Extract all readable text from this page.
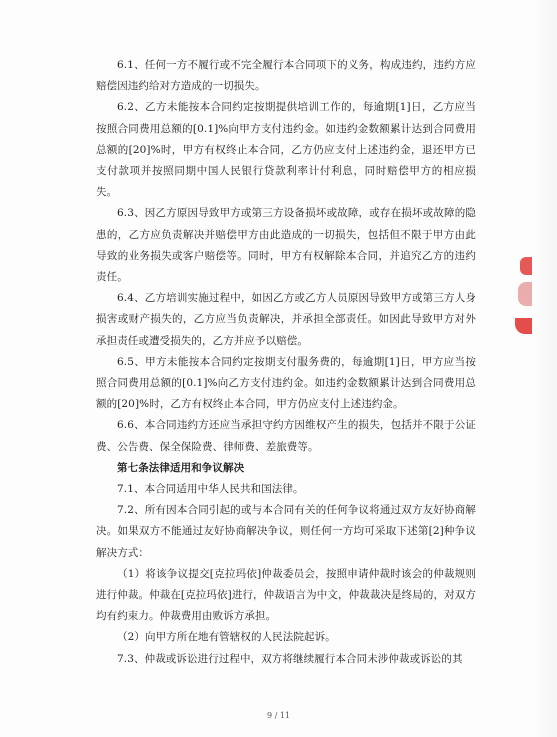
6.1、任何一方不履行或不完全履行本合同项下的义务，构成违约，违约方应赔偿因违约给对方造成的一切损失。

6.2、乙方未能按本合同约定按期提供培训工作的，每逾期[1]日，乙方应当按照合同费用总额的[0.1]%向甲方支付违约金。如违约金数额累计达到合同费用总额的[20]%时，甲方有权终止本合同，乙方仍应支付上述违约金，退还甲方已支付款项并按照同期中国人民银行贷款利率计付利息，同时赔偿甲方的相应损失。

6.3、因乙方原因导致甲方或第三方设备损坏或故障，或存在损坏或故障的隐患的，乙方应负责解决并赔偿甲方由此造成的一切损失，包括但不限于甲方由此导致的业务损失或客户赔偿等。同时，甲方有权解除本合同，并追究乙方的违约责任。

6.4、乙方培训实施过程中，如因乙方或乙方人员原因导致甲方或第三方人身损害或财产损失的，乙方应当负责解决，并承担全部责任。如因此导致甲方对外承担责任或遭受损失的，乙方并应予以赔偿。

6.5、甲方未能按本合同约定按期支付服务费的，每逾期[1]日，甲方应当按照合同费用总额的[0.1]%向乙方支付违约金。如违约金数额累计达到合同费用总额的[20]%时，乙方有权终止本合同，甲方仍应支付上述违约金。

6.6、本合同违约方还应当承担守约方因维权产生的损失，包括并不限于公证费、公告费、保全保险费、律师费、差旅费等。

第七条法律适用和争议解决

7.1、本合同适用中华人民共和国法律。

7.2、所有因本合同引起的或与本合同有关的任何争议将通过双方友好协商解决。如果双方不能通过友好协商解决争议，则任何一方均可采取下述第[2]种争议解决方式：

（1）将该争议提交[克拉玛依]仲裁委员会，按照申请仲裁时该会的仲裁规则进行仲裁。仲裁在[克拉玛依]进行，仲裁语言为中文，仲裁裁决是终局的，对双方均有约束力。仲裁费用由败诉方承担。

（2）向甲方所在地有管辖权的人民法院起诉。

7.3、仲裁或诉讼进行过程中，双方将继续履行本合同未涉仲裁或诉讼的其

9 / 11
